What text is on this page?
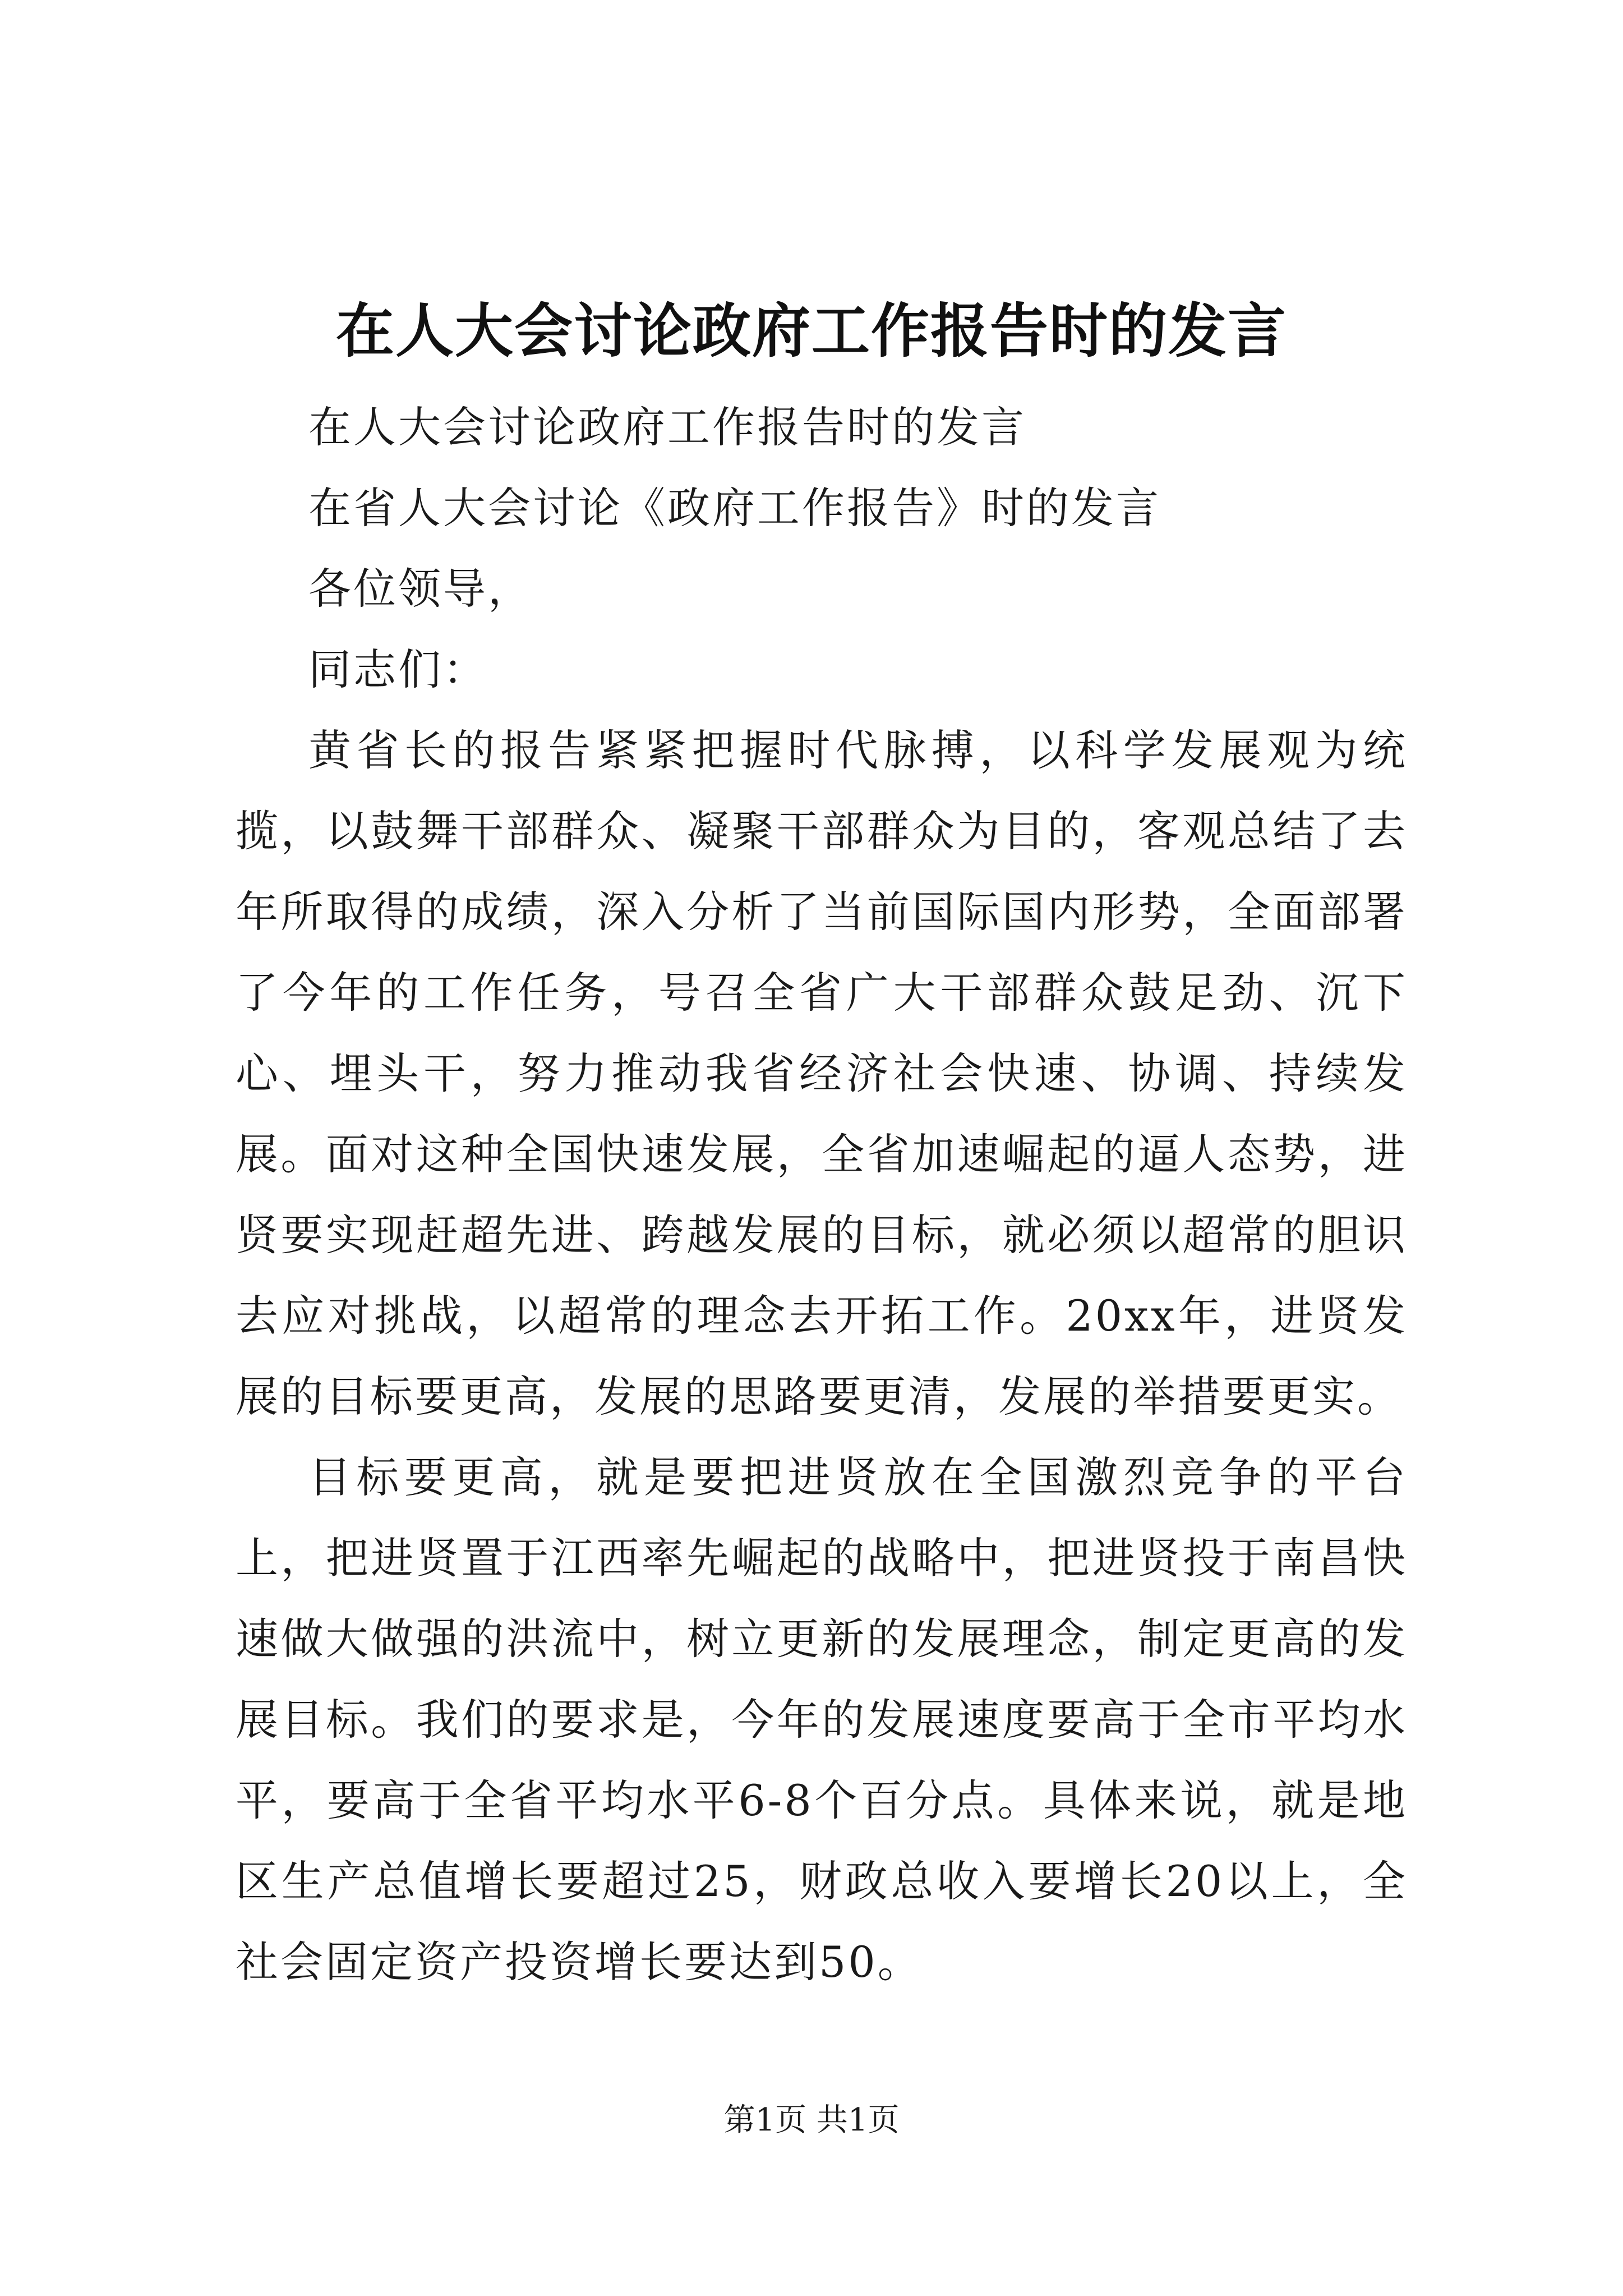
在人大会讨论政府工作报告时的发言

在人大会讨论政府工作报告时的发言

在省人大会讨论《政府工作报告》时的发言

各位领导，

同志们：

黄省长的报告紧紧把握时代脉搏，以科学发展观为统揽，以鼓舞干部群众、凝聚干部群众为目的，客观总结了去年所取得的成绩，深入分析了当前国际国内形势，全面部署了今年的工作任务，号召全省广大干部群众鼓足劲、沉下心、埋头干，努力推动我省经济社会快速、协调、持续发展。面对这种全国快速发展，全省加速崛起的逼人态势，进贤要实现赶超先进、跨越发展的目标，就必须以超常的胆识去应对挑战，以超常的理念去开拓工作。20xx年，进贤发展的目标要更高，发展的思路要更清，发展的举措要更实。

目标要更高，就是要把进贤放在全国激烈竞争的平台上，把进贤置于江西率先崛起的战略中，把进贤投于南昌快速做大做强的洪流中，树立更新的发展理念，制定更高的发展目标。我们的要求是，今年的发展速度要高于全市平均水平，要高于全省平均水平6-8个百分点。具体来说，就是地区生产总值增长要超过25，财政总收入要增长20以上，全社会固定资产投资增长要达到50。

第1页 共1页
